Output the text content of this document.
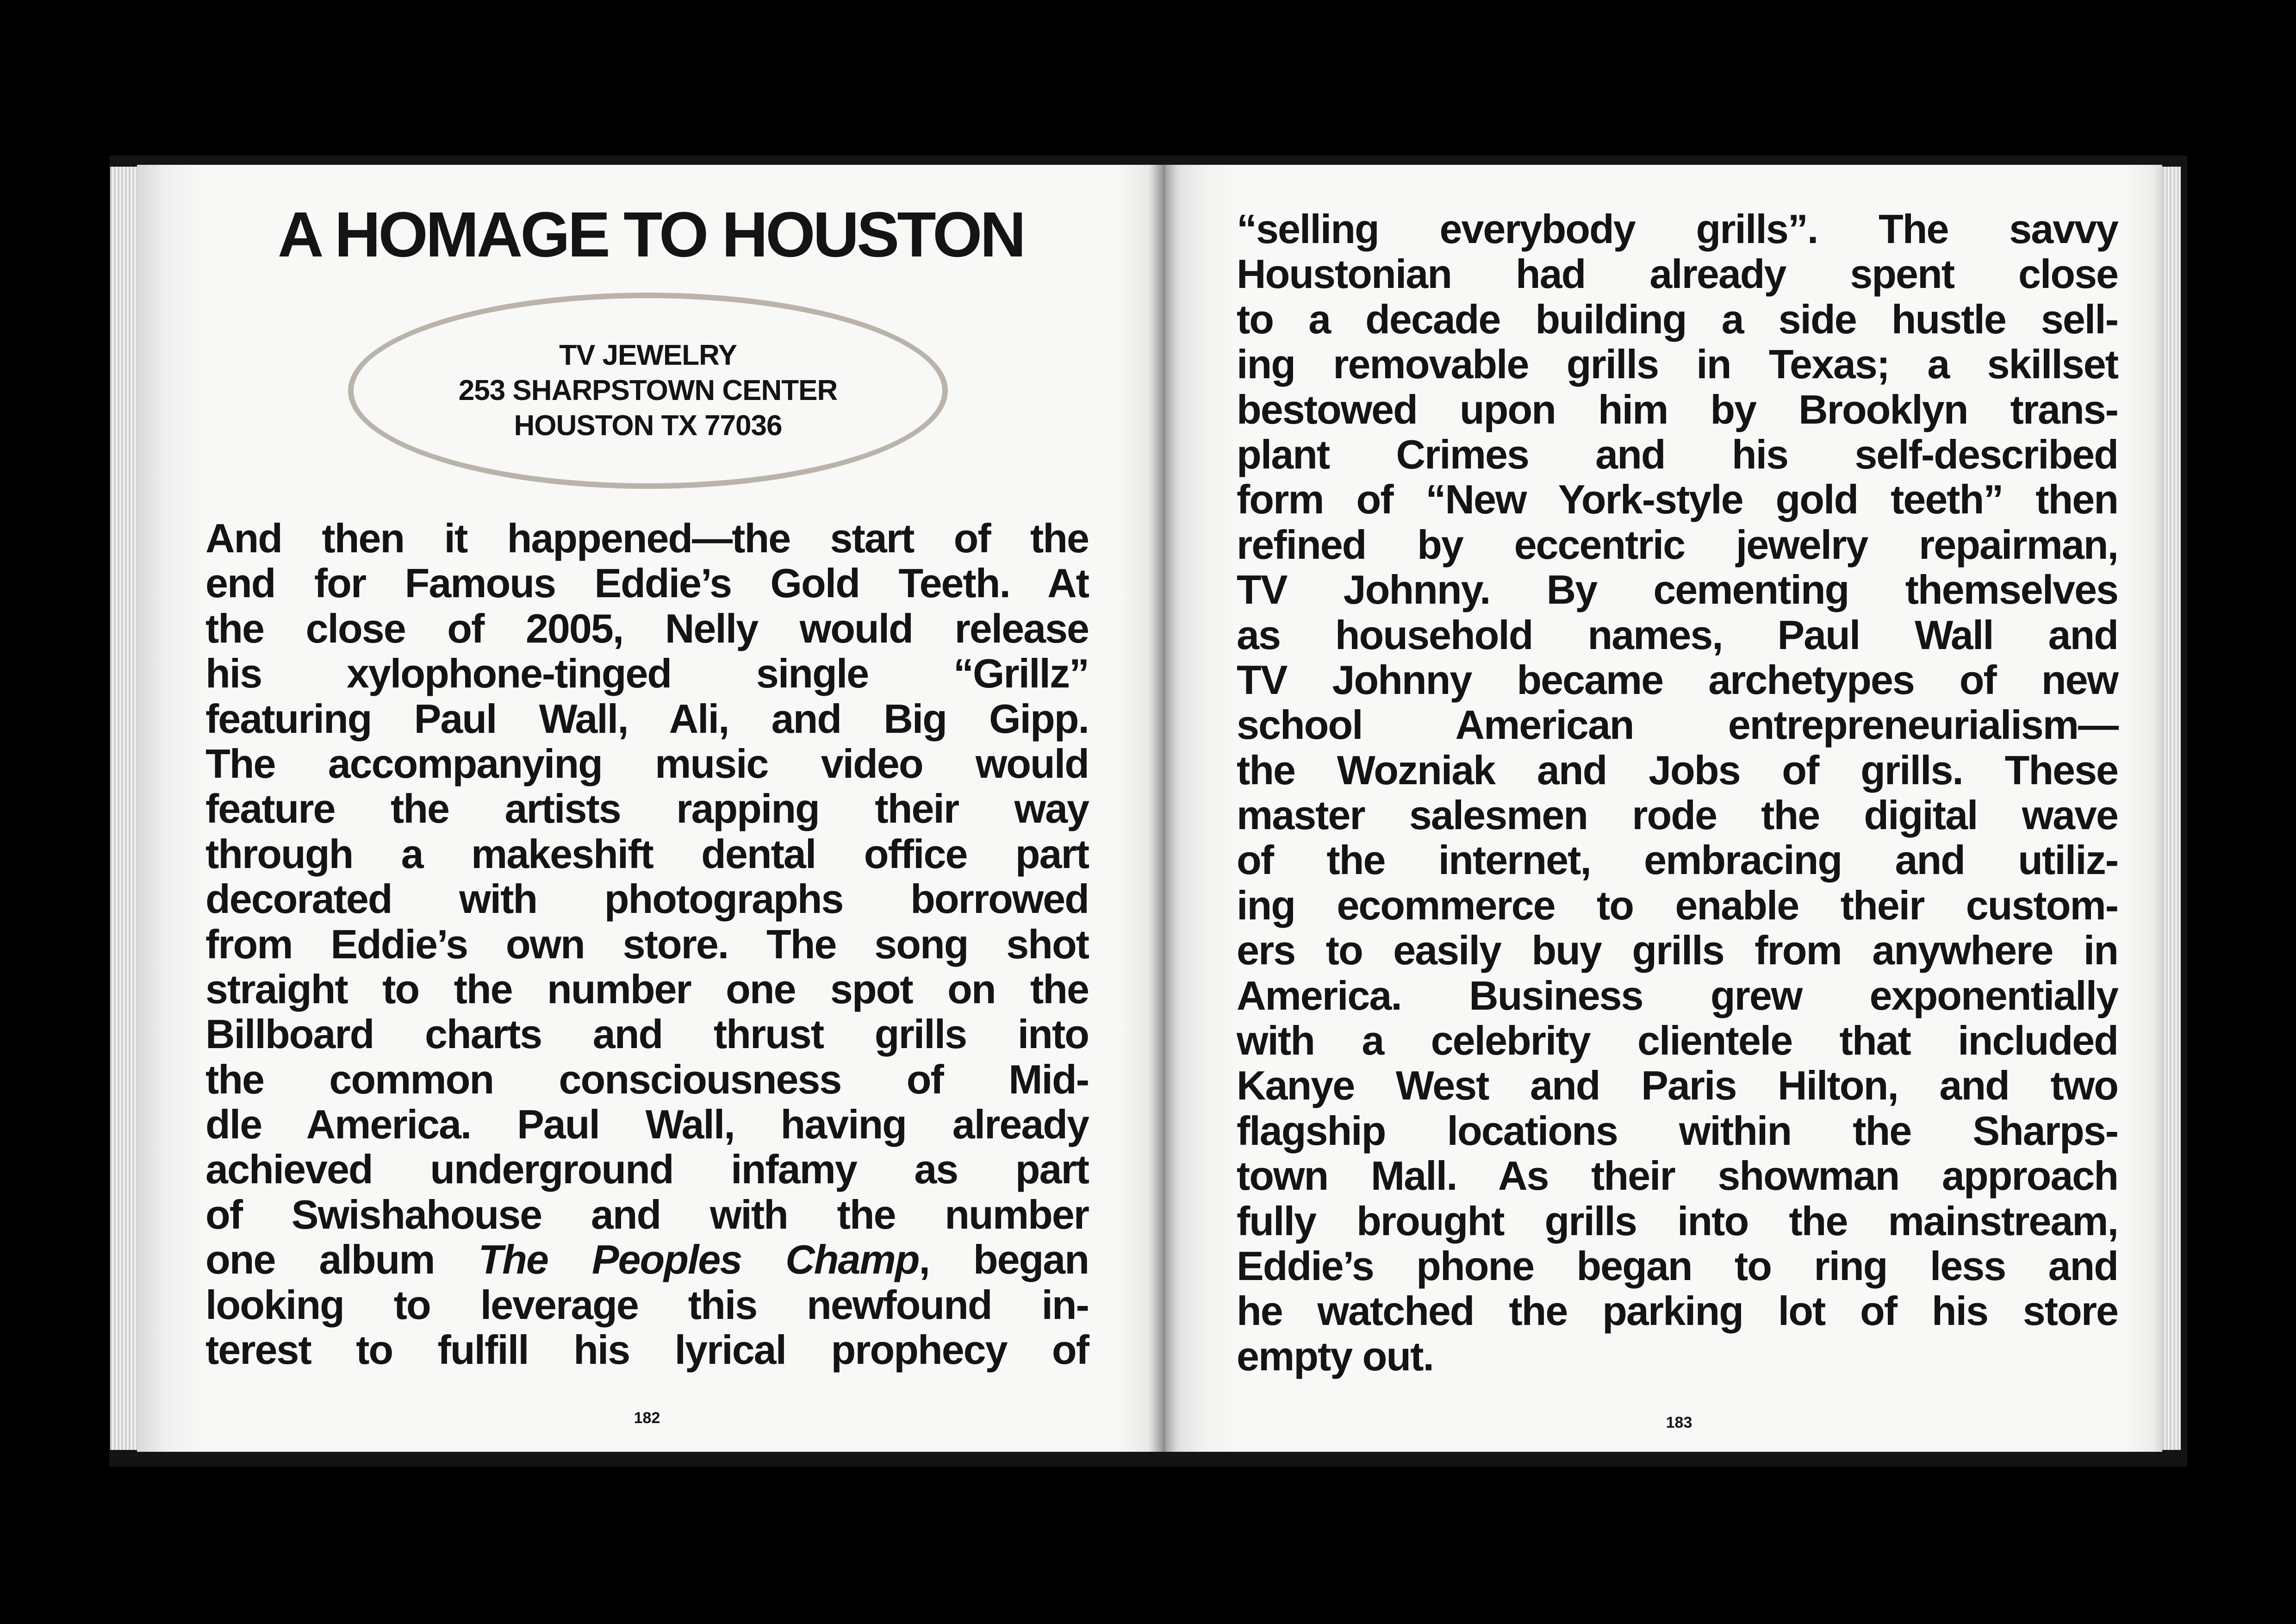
A HOMAGE TO HOUSTON
TV JEWELRY
253 SHARPSTOWN CENTER
HOUSTON TX 77036
And then it happened—the start of the
end for Famous Eddie’s Gold Teeth. At
the close of 2005, Nelly would release
his xylophone-tinged single “Grillz”
featuring Paul Wall, Ali, and Big Gipp.
The accompanying music video would
feature the artists rapping their way
through a makeshift dental office part
decorated with photographs borrowed
from Eddie’s own store. The song shot
straight to the number one spot on the
Billboard charts and thrust grills into
the common consciousness of Mid-
dle America. Paul Wall, having already
achieved underground infamy as part
of Swishahouse and with the number
one album The Peoples Champ, began
looking to leverage this newfound in-
terest to fulfill his lyrical prophecy of
182
“selling everybody grills”. The savvy
Houstonian had already spent close
to a decade building a side hustle sell-
ing removable grills in Texas; a skillset
bestowed upon him by Brooklyn trans-
plant Crimes and his self-described
form of “New York-style gold teeth” then
refined by eccentric jewelry repairman,
TV Johnny. By cementing themselves
as household names, Paul Wall and
TV Johnny became archetypes of new
school American entrepreneurialism—
the Wozniak and Jobs of grills. These
master salesmen rode the digital wave
of the internet, embracing and utiliz-
ing ecommerce to enable their custom-
ers to easily buy grills from anywhere in
America. Business grew exponentially
with a celebrity clientele that included
Kanye West and Paris Hilton, and two
flagship locations within the Sharps-
town Mall. As their showman approach
fully brought grills into the mainstream,
Eddie’s phone began to ring less and
he watched the parking lot of his store
empty out.
183
